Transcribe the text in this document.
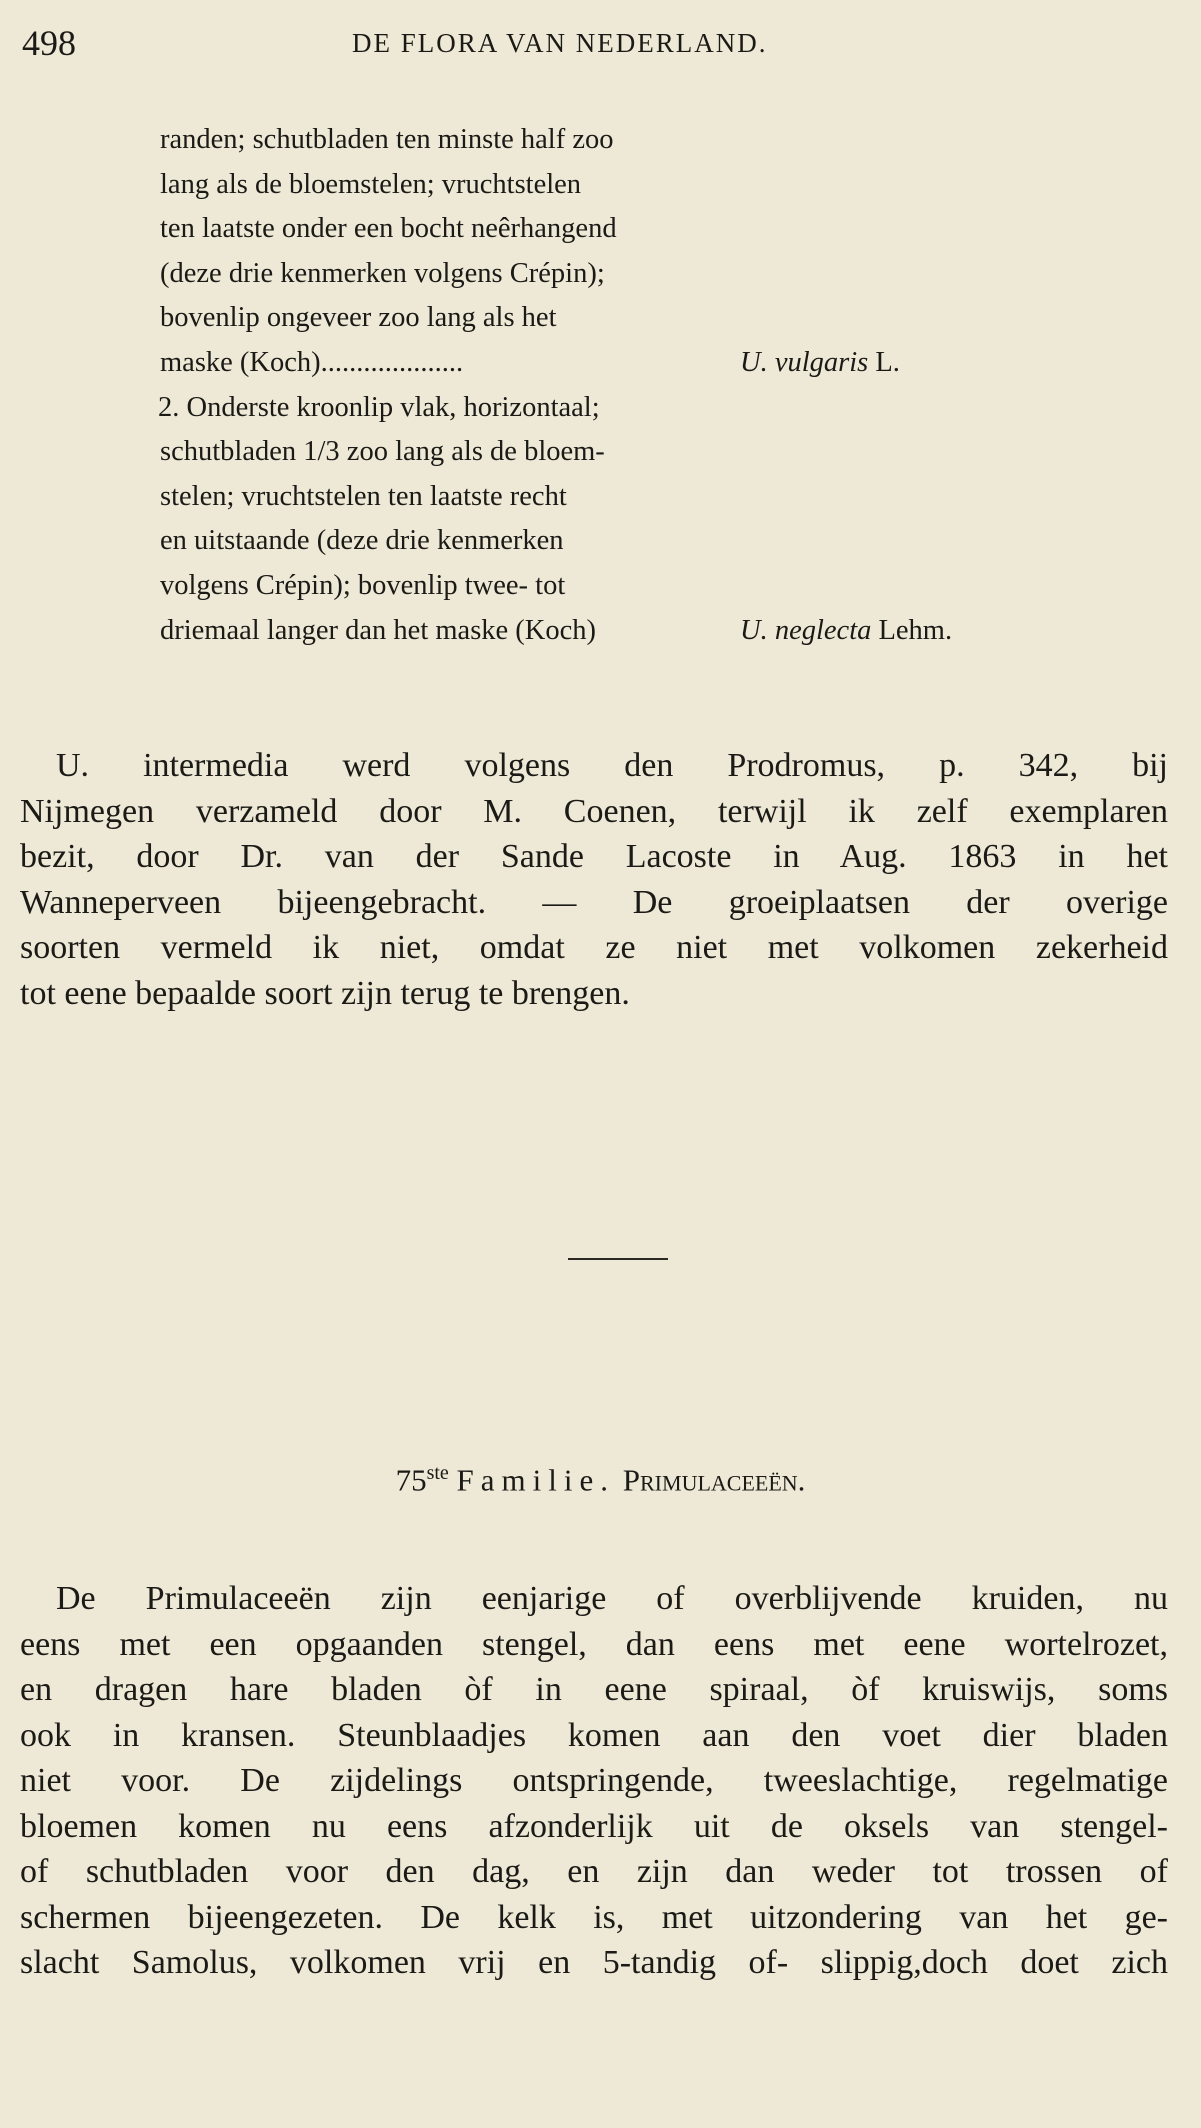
498	DE FLORA VAN NEDERLAND.
randen; schutbladen ten minste half zoo
lang als de bloemstelen; vruchtstelen
ten laatste onder een bocht neêrhangend
(deze drie kenmerken volgens Crépin);
bovenlip ongeveer zoo lang als het
maske (Koch)....................	U. vulgaris L.
2. Onderste kroonlip vlak, horizontaal;
schutbladen 1/3 zoo lang als de bloem-
stelen; vruchtstelen ten laatste recht
en uitstaande (deze drie kenmerken
volgens Crépin); bovenlip twee- tot
driemaal langer dan het maske (Koch)	U. neglecta Lehm.
U. intermedia werd volgens den Prodromus, p. 342, bij
Nijmegen verzameld door M. Coenen, terwijl ik zelf exemplaren
bezit, door Dr. van der Sande Lacoste in Aug. 1863 in het
Wanneperveen bijeengebracht. — De groeiplaatsen der overige
soorten vermeld ik niet, omdat ze niet met volkomen zekerheid
tot eene bepaalde soort zijn terug te brengen.
75ste Familie. Primulaceeën.
De Primulaceeën zijn eenjarige of overblijvende kruiden, nu
eens met een opgaanden stengel, dan eens met eene wortelrozet,
en dragen hare bladen òf in eene spiraal, òf kruiswijs, soms
ook in kransen. Steunblaadjes komen aan den voet dier bladen
niet voor. De zijdelings ontspringende, tweeslachtige, regelmatige
bloemen komen nu eens afzonderlijk uit de oksels van stengel-
of schutbladen voor den dag, en zijn dan weder tot trossen of
schermen bijeengezeten. De kelk is, met uitzondering van het ge-
slacht Samolus, volkomen vrij en 5-tandig of- slippig,doch doet zich
